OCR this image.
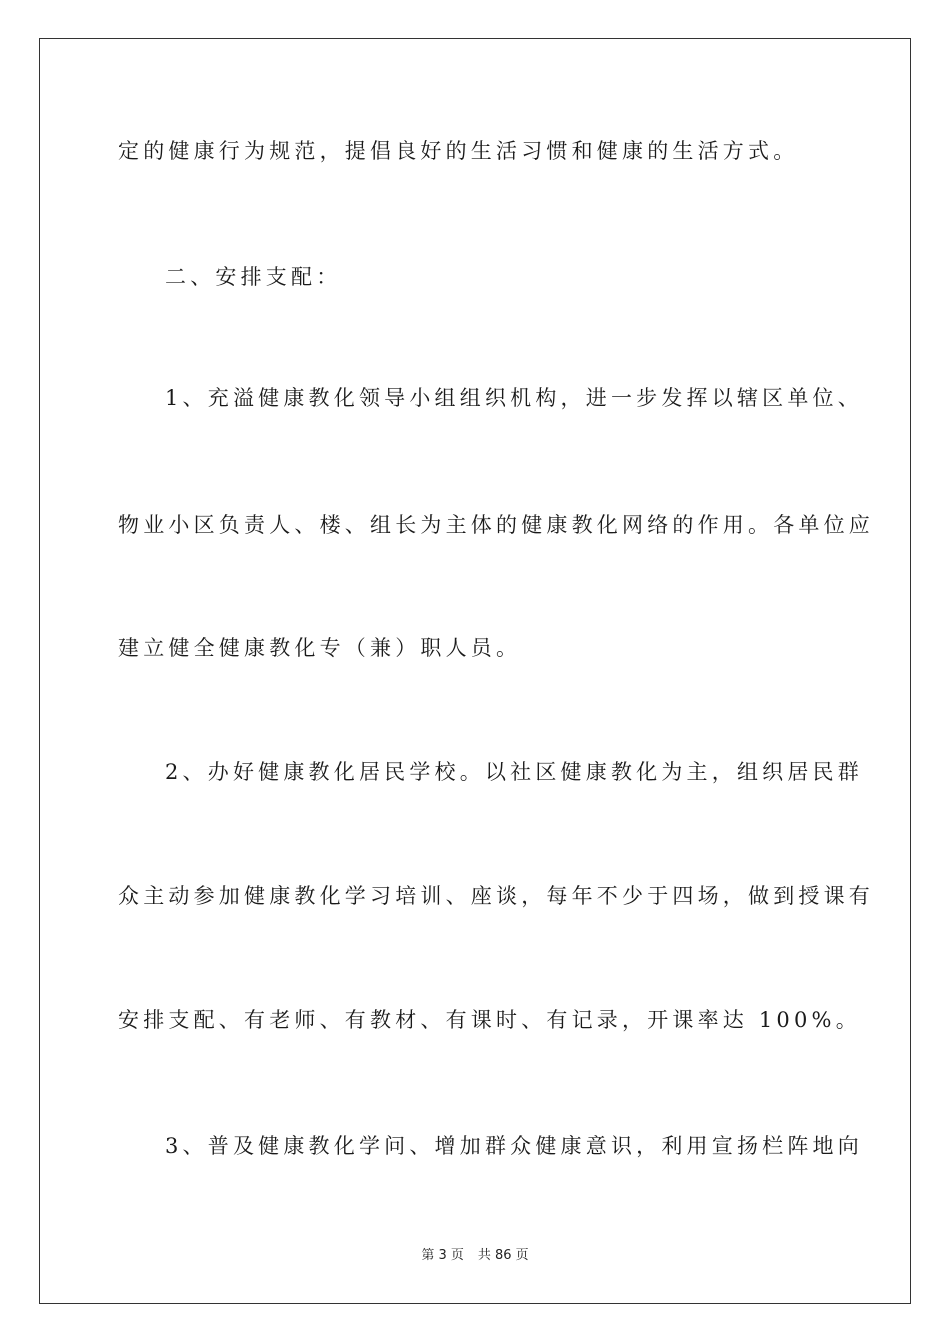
定的健康行为规范，提倡良好的生活习惯和健康的生活方式。
二、安排支配：
1、充溢健康教化领导小组组织机构，进一步发挥以辖区单位、
物业小区负责人、楼、组长为主体的健康教化网络的作用。各单位应
建立健全健康教化专（兼）职人员。
2、办好健康教化居民学校。以社区健康教化为主，组织居民群
众主动参加健康教化学习培训、座谈，每年不少于四场，做到授课有
安排支配、有老师、有教材、有课时、有记录，开课率达 100%。
3、普及健康教化学问、增加群众健康意识，利用宣扬栏阵地向
第 3 页 共 86 页
